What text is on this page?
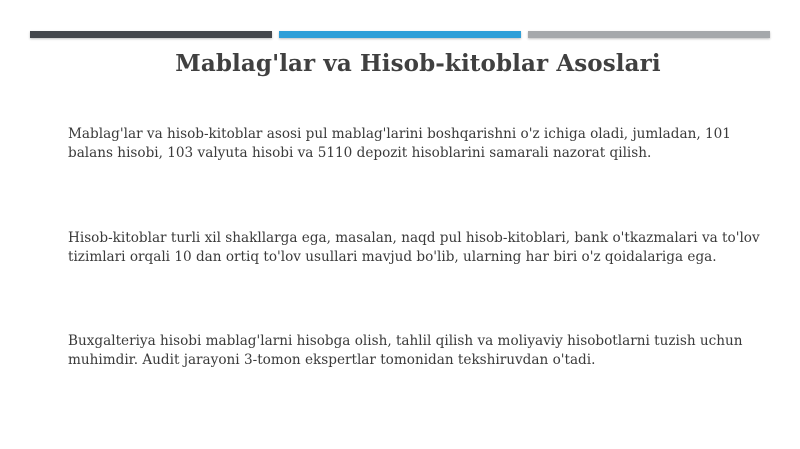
Mablag'lar va Hisob-kitoblar Asoslari

Mablag'lar va hisob-kitoblar asosi pul mablag'larini boshqarishni o'z ichiga oladi, jumladan, 101 balans hisobi, 103 valyuta hisobi va 5110 depozit hisoblarini samarali nazorat qilish.

Hisob-kitoblar turli xil shakllarga ega, masalan, naqd pul hisob-kitoblari, bank o'tkazmalari va to'lov tizimlari orqali 10 dan ortiq to'lov usullari mavjud bo'lib, ularning har biri o'z qoidalariga ega.

Buxgalteriya hisobi mablag'larni hisobga olish, tahlil qilish va moliyaviy hisobotlarni tuzish uchun muhimdir. Audit jarayoni 3-tomon ekspertlar tomonidan tekshiruvdan o'tadi.
